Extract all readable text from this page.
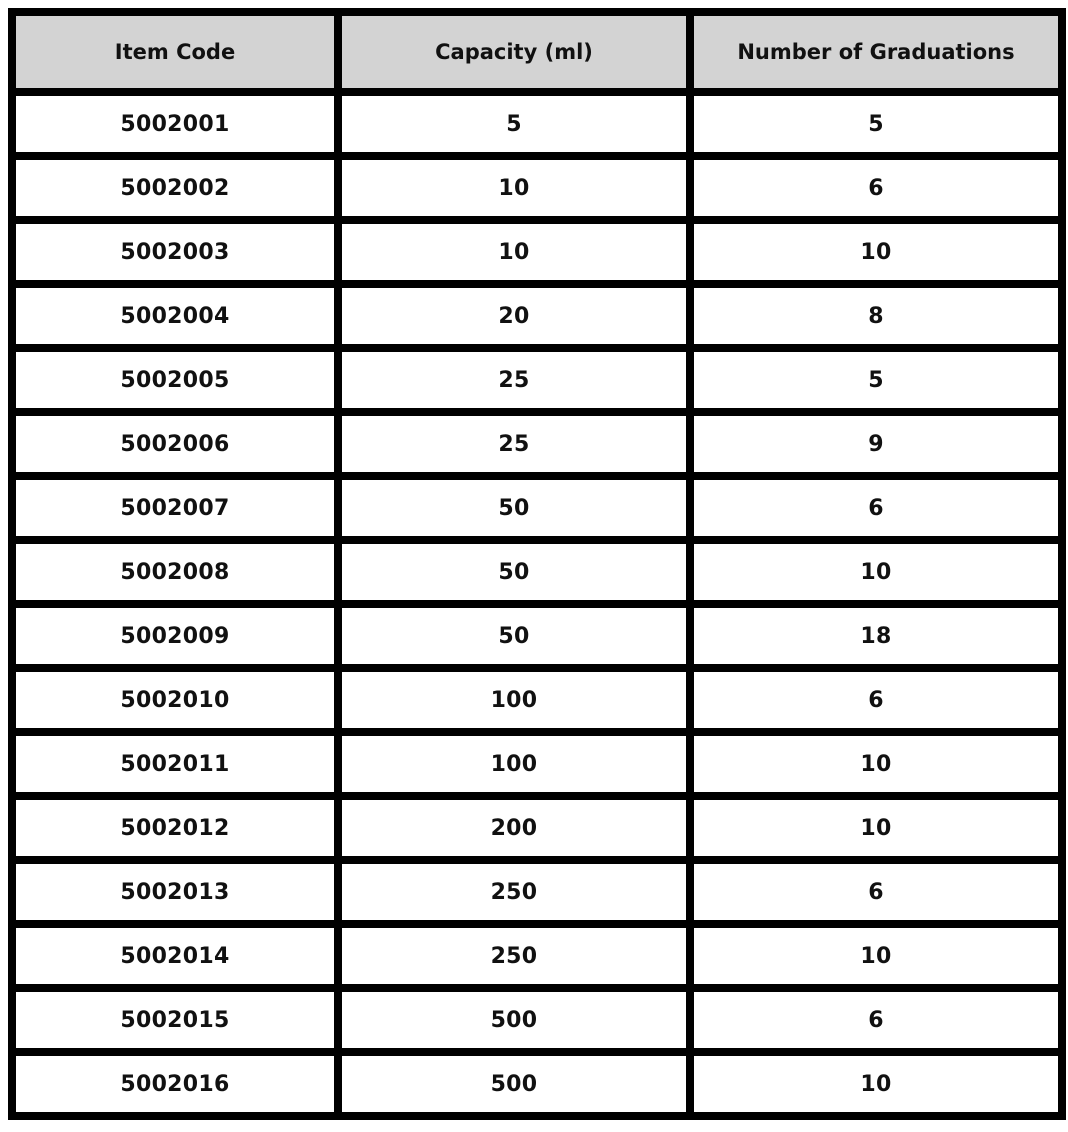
Item Code	Capacity (ml)	Number of Graduations
5002001	5	5
5002002	10	6
5002003	10	10
5002004	20	8
5002005	25	5
5002006	25	9
5002007	50	6
5002008	50	10
5002009	50	18
5002010	100	6
5002011	100	10
5002012	200	10
5002013	250	6
5002014	250	10
5002015	500	6
5002016	500	10
